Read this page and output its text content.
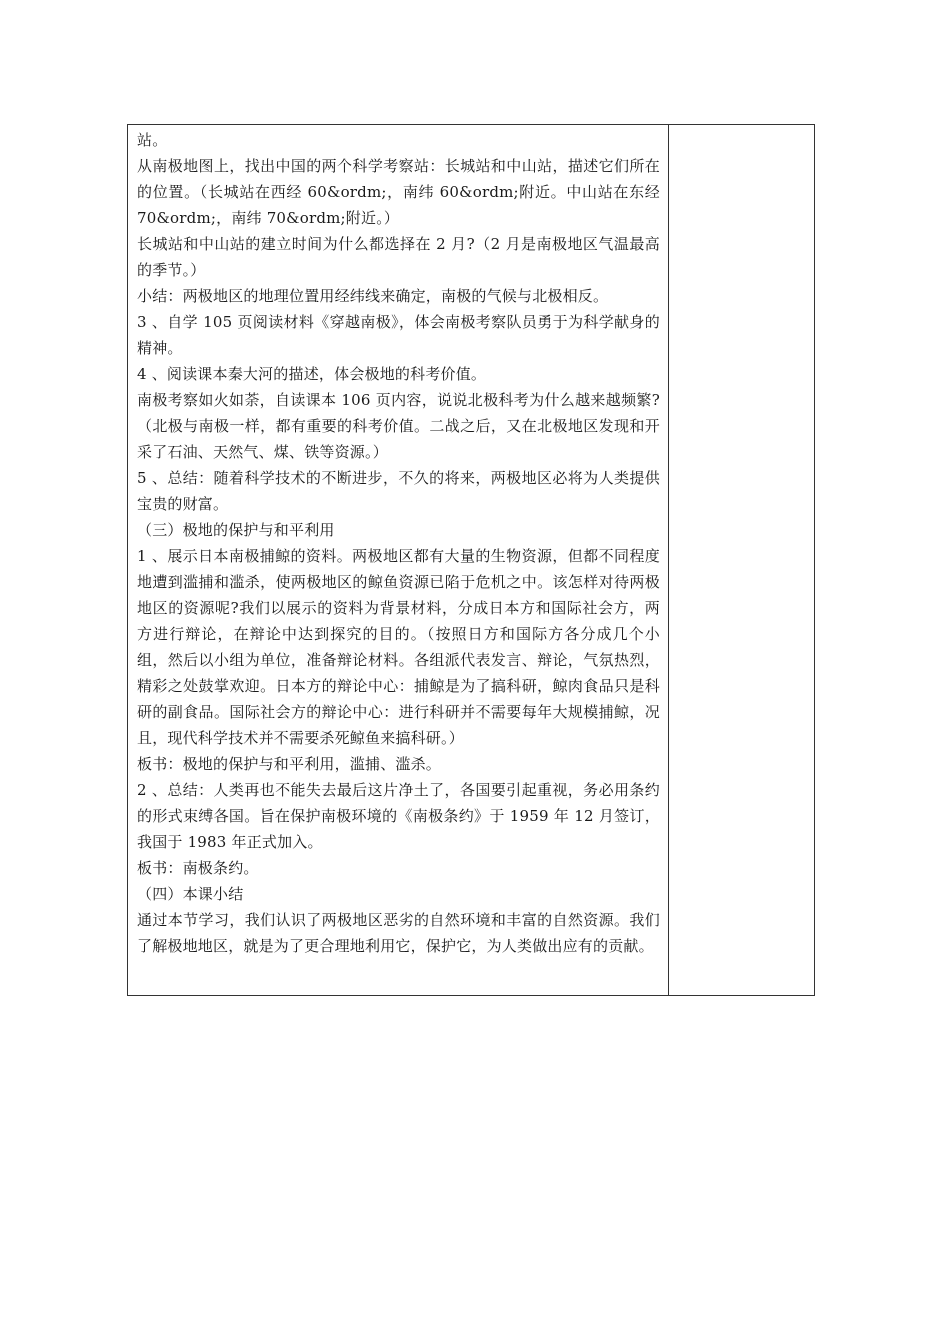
站。

从南极地图上，找出中国的两个科学考察站：长城站和中山站，描述它们所在的位置。（长城站在西经 60&ordm;，南纬 60&ordm;附近。中山站在东经 70&ordm;，南纬 70&ordm;附近。）

长城站和中山站的建立时间为什么都选择在 2 月?（2 月是南极地区气温最高的季节。）

小结：两极地区的地理位置用经纬线来确定，南极的气候与北极相反。

3 、自学 105 页阅读材料《穿越南极》，体会南极考察队员勇于为科学献身的精神。

4 、阅读课本秦大河的描述，体会极地的科考价值。

南极考察如火如荼，自读课本 106 页内容，说说北极科考为什么越来越频繁?（北极与南极一样，都有重要的科考价值。二战之后，又在北极地区发现和开采了石油、天然气、煤、铁等资源。）

5 、总结：随着科学技术的不断进步，不久的将来，两极地区必将为人类提供宝贵的财富。

（三）极地的保护与和平利用

1 、展示日本南极捕鲸的资料。两极地区都有大量的生物资源，但都不同程度地遭到滥捕和滥杀，使两极地区的鲸鱼资源已陷于危机之中。该怎样对待两极地区的资源呢?我们以展示的资料为背景材料，分成日本方和国际社会方，两方进行辩论，在辩论中达到探究的目的。（按照日方和国际方各分成几个小组，然后以小组为单位，准备辩论材料。各组派代表发言、辩论，气氛热烈，精彩之处鼓掌欢迎。日本方的辩论中心：捕鲸是为了搞科研，鲸肉食品只是科研的副食品。国际社会方的辩论中心：进行科研并不需要每年大规模捕鲸，况且，现代科学技术并不需要杀死鲸鱼来搞科研。）

板书：极地的保护与和平利用，滥捕、滥杀。

2 、总结：人类再也不能失去最后这片净土了，各国要引起重视，务必用条约的形式束缚各国。旨在保护南极环境的《南极条约》于 1959 年 12 月签订，我国于 1983 年正式加入。

板书：南极条约。

（四）本课小结

通过本节学习，我们认识了两极地区恶劣的自然环境和丰富的自然资源。我们了解极地地区，就是为了更合理地利用它，保护它，为人类做出应有的贡献。
